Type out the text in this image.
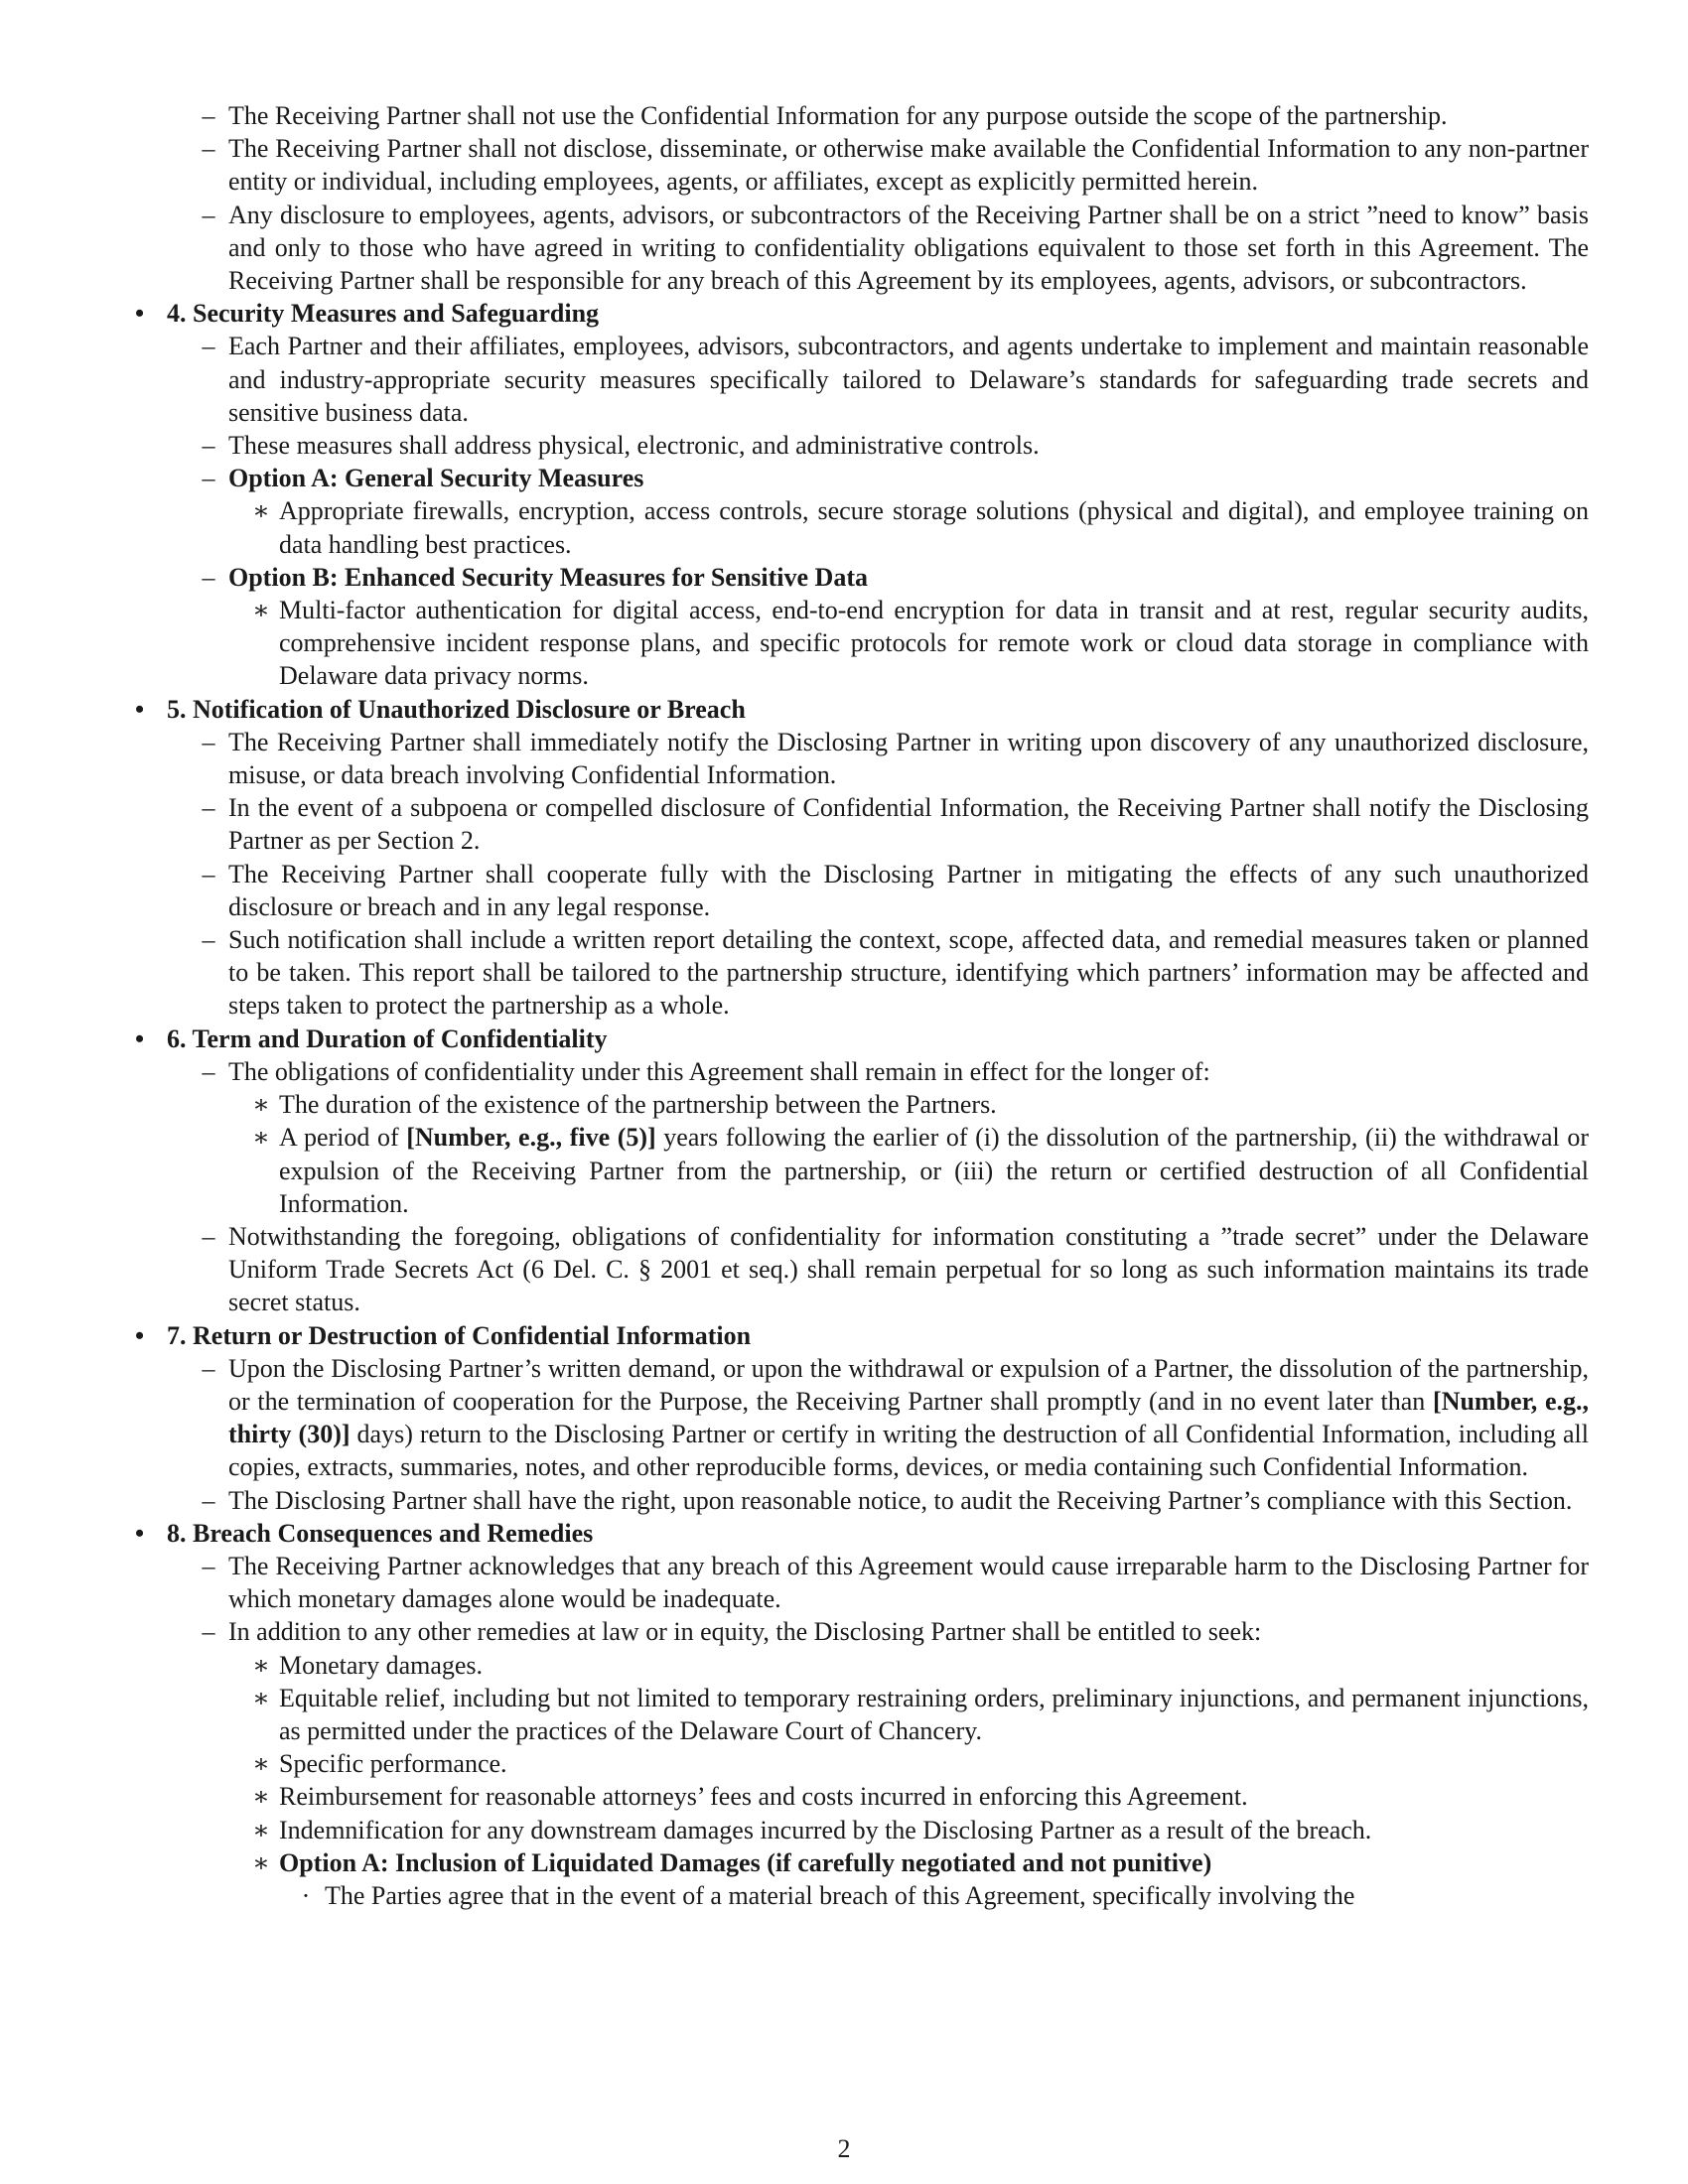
– The Receiving Partner shall not use the Confidential Information for any purpose outside the scope of the partnership.
– The Receiving Partner shall not disclose, disseminate, or otherwise make available the Confidential Information to any non-partner entity or individual, including employees, agents, or affiliates, except as explicitly permitted herein.
– Any disclosure to employees, agents, advisors, or subcontractors of the Receiving Partner shall be on a strict ”need to know” basis and only to those who have agreed in writing to confidentiality obligations equivalent to those set forth in this Agreement. The Receiving Partner shall be responsible for any breach of this Agreement by its employees, agents, advisors, or subcontractors.
• 4. Security Measures and Safeguarding
– Each Partner and their affiliates, employees, advisors, subcontractors, and agents undertake to implement and maintain reasonable and industry-appropriate security measures specifically tailored to Delaware’s standards for safeguarding trade secrets and sensitive business data.
– These measures shall address physical, electronic, and administrative controls.
– Option A: General Security Measures
∗ Appropriate firewalls, encryption, access controls, secure storage solutions (physical and digital), and employee training on data handling best practices.
– Option B: Enhanced Security Measures for Sensitive Data
∗ Multi-factor authentication for digital access, end-to-end encryption for data in transit and at rest, regular security audits, comprehensive incident response plans, and specific protocols for remote work or cloud data storage in compliance with Delaware data privacy norms.
• 5. Notification of Unauthorized Disclosure or Breach
– The Receiving Partner shall immediately notify the Disclosing Partner in writing upon discovery of any unauthorized disclosure, misuse, or data breach involving Confidential Information.
– In the event of a subpoena or compelled disclosure of Confidential Information, the Receiving Partner shall notify the Disclosing Partner as per Section 2.
– The Receiving Partner shall cooperate fully with the Disclosing Partner in mitigating the effects of any such unauthorized disclosure or breach and in any legal response.
– Such notification shall include a written report detailing the context, scope, affected data, and remedial measures taken or planned to be taken. This report shall be tailored to the partnership structure, identifying which partners’ information may be affected and steps taken to protect the partnership as a whole.
• 6. Term and Duration of Confidentiality
– The obligations of confidentiality under this Agreement shall remain in effect for the longer of:
∗ The duration of the existence of the partnership between the Partners.
∗ A period of [Number, e.g., five (5)] years following the earlier of (i) the dissolution of the partnership, (ii) the withdrawal or expulsion of the Receiving Partner from the partnership, or (iii) the return or certified destruction of all Confidential Information.
– Notwithstanding the foregoing, obligations of confidentiality for information constituting a ”trade secret” under the Delaware Uniform Trade Secrets Act (6 Del. C. § 2001 et seq.) shall remain perpetual for so long as such information maintains its trade secret status.
• 7. Return or Destruction of Confidential Information
– Upon the Disclosing Partner’s written demand, or upon the withdrawal or expulsion of a Partner, the dissolution of the partnership, or the termination of cooperation for the Purpose, the Receiving Partner shall promptly (and in no event later than [Number, e.g., thirty (30)] days) return to the Disclosing Partner or certify in writing the destruction of all Confidential Information, including all copies, extracts, summaries, notes, and other reproducible forms, devices, or media containing such Confidential Information.
– The Disclosing Partner shall have the right, upon reasonable notice, to audit the Receiving Partner’s compliance with this Section.
• 8. Breach Consequences and Remedies
– The Receiving Partner acknowledges that any breach of this Agreement would cause irreparable harm to the Disclosing Partner for which monetary damages alone would be inadequate.
– In addition to any other remedies at law or in equity, the Disclosing Partner shall be entitled to seek:
∗ Monetary damages.
∗ Equitable relief, including but not limited to temporary restraining orders, preliminary injunctions, and permanent injunctions, as permitted under the practices of the Delaware Court of Chancery.
∗ Specific performance.
∗ Reimbursement for reasonable attorneys’ fees and costs incurred in enforcing this Agreement.
∗ Indemnification for any downstream damages incurred by the Disclosing Partner as a result of the breach.
∗ Option A: Inclusion of Liquidated Damages (if carefully negotiated and not punitive)
· The Parties agree that in the event of a material breach of this Agreement, specifically involving the
2
